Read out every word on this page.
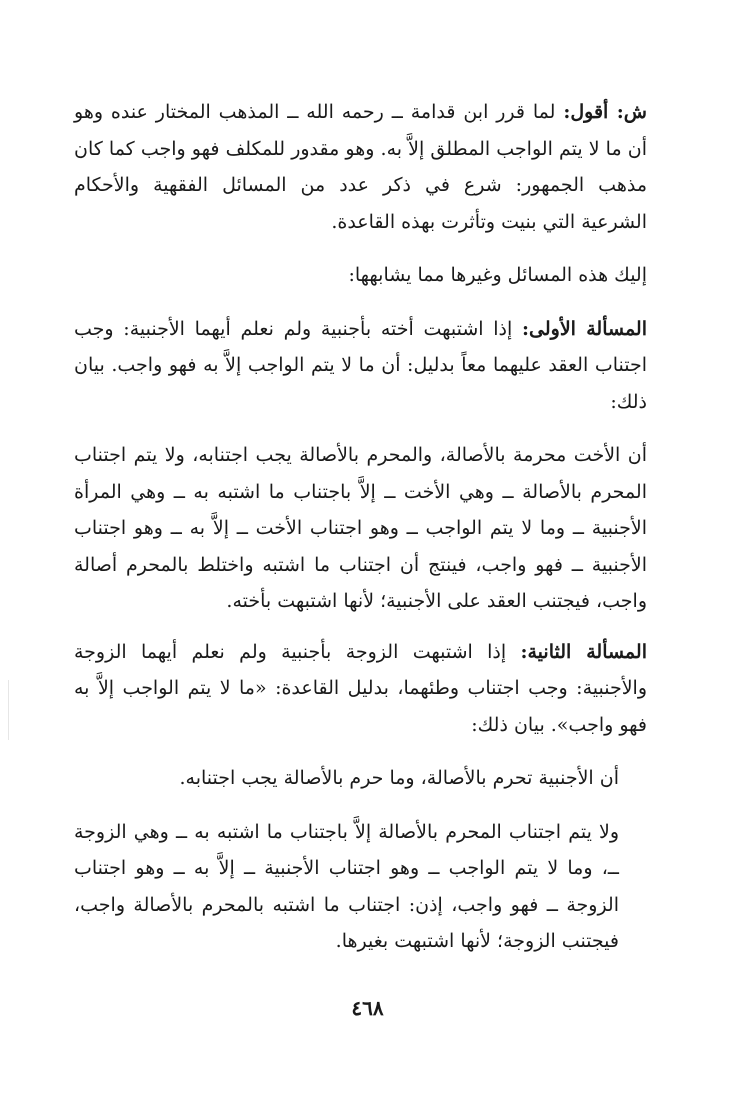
ش: أقول: لما قرر ابن قدامة ــ رحمه الله ــ المذهب المختار عنده وهو أن ما لا يتم الواجب المطلق إلاَّ به. وهو مقدور للمكلف فهو واجب كما كان مذهب الجمهور: شرع في ذكر عدد من المسائل الفقهية والأحكام الشرعية التي بنيت وتأثرت بهذه القاعدة.

إليك هذه المسائل وغيرها مما يشابهها:

المسألة الأولى: إذا اشتبهت أخته بأجنبية ولم نعلم أيهما الأجنبية: وجب اجتناب العقد عليهما معاً بدليل: أن ما لا يتم الواجب إلاَّ به فهو واجب. بيان ذلك:

أن الأخت محرمة بالأصالة، والمحرم بالأصالة يجب اجتنابه، ولا يتم اجتناب المحرم بالأصالة ــ وهي الأخت ــ إلاَّ باجتناب ما اشتبه به ــ وهي المرأة الأجنبية ــ وما لا يتم الواجب ــ وهو اجتناب الأخت ــ إلاَّ به ــ وهو اجتناب الأجنبية ــ فهو واجب، فينتج أن اجتناب ما اشتبه واختلط بالمحرم أصالة واجب، فيجتنب العقد على الأجنبية؛ لأنها اشتبهت بأخته.

المسألة الثانية: إذا اشتبهت الزوجة بأجنبية ولم نعلم أيهما الزوجة والأجنبية: وجب اجتناب وطئهما، بدليل القاعدة: «ما لا يتم الواجب إلاَّ به فهو واجب». بيان ذلك:

أن الأجنبية تحرم بالأصالة، وما حرم بالأصالة يجب اجتنابه.

ولا يتم اجتناب المحرم بالأصالة إلاَّ باجتناب ما اشتبه به ــ وهي الزوجة ــ، وما لا يتم الواجب ــ وهو اجتناب الأجنبية ــ إلاَّ به ــ وهو اجتناب الزوجة ــ فهو واجب، إذن: اجتناب ما اشتبه بالمحرم بالأصالة واجب، فيجتنب الزوجة؛ لأنها اشتبهت بغيرها.

٤٦٨
